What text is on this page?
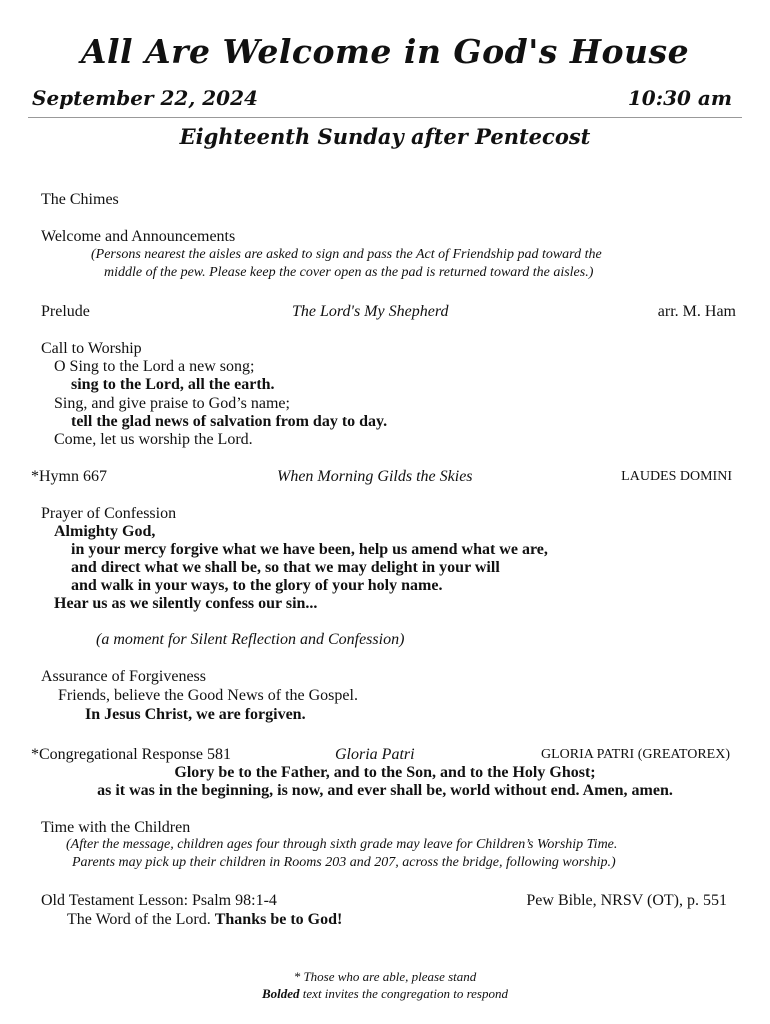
All Are Welcome in God's House
September 22, 2024	10:30 am
Eighteenth Sunday after Pentecost
The Chimes
Welcome and Announcements
(Persons nearest the aisles are asked to sign and pass the Act of Friendship pad toward the
middle of the pew. Please keep the cover open as the pad is returned toward the aisles.)
Prelude	The Lord's My Shepherd	arr. M. Ham
Call to Worship
O Sing to the Lord a new song;
sing to the Lord, all the earth.
Sing, and give praise to God’s name;
tell the glad news of salvation from day to day.
Come, let us worship the Lord.
*Hymn 667	When Morning Gilds the Skies	LAUDES DOMINI
Prayer of Confession
Almighty God,
in your mercy forgive what we have been, help us amend what we are,
and direct what we shall be, so that we may delight in your will
and walk in your ways, to the glory of your holy name.
Hear us as we silently confess our sin...
(a moment for Silent Reflection and Confession)
Assurance of Forgiveness
Friends, believe the Good News of the Gospel.
In Jesus Christ, we are forgiven.
*Congregational Response 581	Gloria Patri	GLORIA PATRI (GREATOREX)
Glory be to the Father, and to the Son, and to the Holy Ghost;
as it was in the beginning, is now, and ever shall be, world without end. Amen, amen.
Time with the Children
(After the message, children ages four through sixth grade may leave for Children’s Worship Time.
Parents may pick up their children in Rooms 203 and 207, across the bridge, following worship.)
Old Testament Lesson: Psalm 98:1-4	Pew Bible, NRSV (OT), p. 551
The Word of the Lord. Thanks be to God!
* Those who are able, please stand
Bolded text invites the congregation to respond
